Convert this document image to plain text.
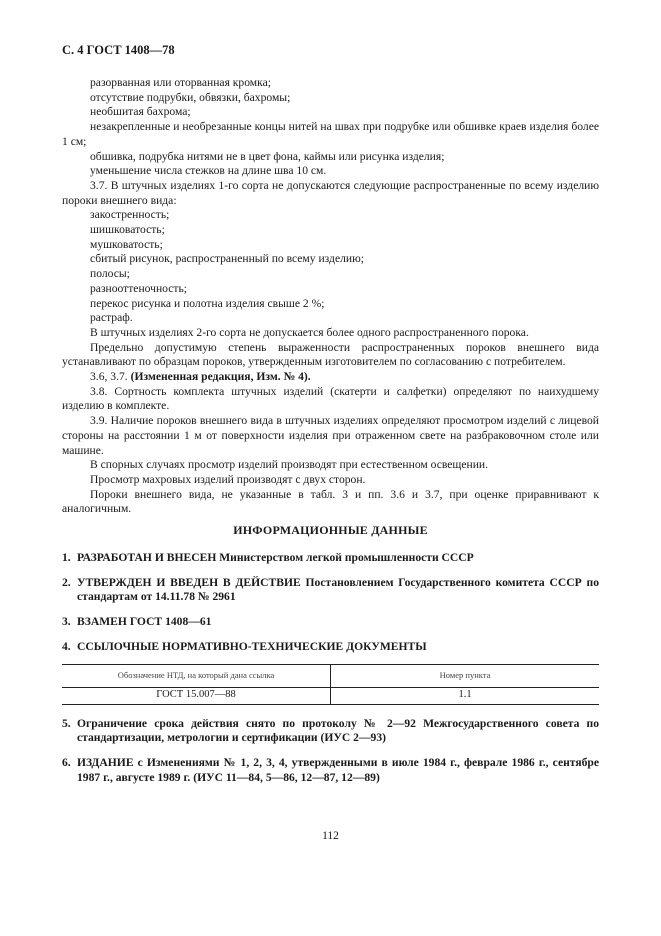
С. 4 ГОСТ 1408—78

разорванная или оторванная кромка;

отсутствие подрубки, обвязки, бахромы;

необшитая бахрома;

незакрепленные и необрезанные концы нитей на швах при подрубке или обшивке краев изделия более 1 см;

обшивка, подрубка нитями не в цвет фона, каймы или рисунка изделия;

уменьшение числа стежков на длине шва 10 см.

3.7. В штучных изделиях 1-го сорта не допускаются следующие распространенные по всему изделию пороки внешнего вида:

закостренность;

шишковатость;

мушковатость;

сбитый рисунок, распространенный по всему изделию;

полосы;

разнооттеночность;

перекос рисунка и полотна изделия свыше 2 %;

растраф.

В штучных изделиях 2-го сорта не допускается более одного распространенного порока.

Предельно допустимую степень выраженности распространенных пороков внешнего вида устанавливают по образцам пороков, утвержденным изготовителем по согласованию с потребителем.

3.6, 3.7. (Измененная редакция, Изм. № 4).

3.8. Сортность комплекта штучных изделий (скатерти и салфетки) определяют по наихудшему изделию в комплекте.

3.9. Наличие пороков внешнего вида в штучных изделиях определяют просмотром изделий с лицевой стороны на расстоянии 1 м от поверхности изделия при отраженном свете на разбраковочном столе или машине.

В спорных случаях просмотр изделий производят при естественном освещении.

Просмотр махровых изделий производят с двух сторон.

Пороки внешнего вида, не указанные в табл. 3 и пп. 3.6 и 3.7, при оценке приравнивают к аналогичным.

ИНФОРМАЦИОННЫЕ ДАННЫЕ
1. РАЗРАБОТАН И ВНЕСЕН Министерством легкой промышленности СССР
2. УТВЕРЖДЕН И ВВЕДЕН В ДЕЙСТВИЕ Постановлением Государственного комитета СССР по стандартам от 14.11.78 № 2961
3. ВЗАМЕН ГОСТ 1408—61
4. ССЫЛОЧНЫЕ НОРМАТИВНО-ТЕХНИЧЕСКИЕ ДОКУМЕНТЫ
Обозначение НТД, на который дана ссылка	Номер пункта
ГОСТ 15.007—88	1.1
5. Ограничение срока действия снято по протоколу № 2—92 Межгосударственного совета по стандартизации, метрологии и сертификации (ИУС 2—93)
6. ИЗДАНИЕ с Изменениями № 1, 2, 3, 4, утвержденными в июле 1984 г., феврале 1986 г., сентябре 1987 г., августе 1989 г. (ИУС 11—84, 5—86, 12—87, 12—89)
112
